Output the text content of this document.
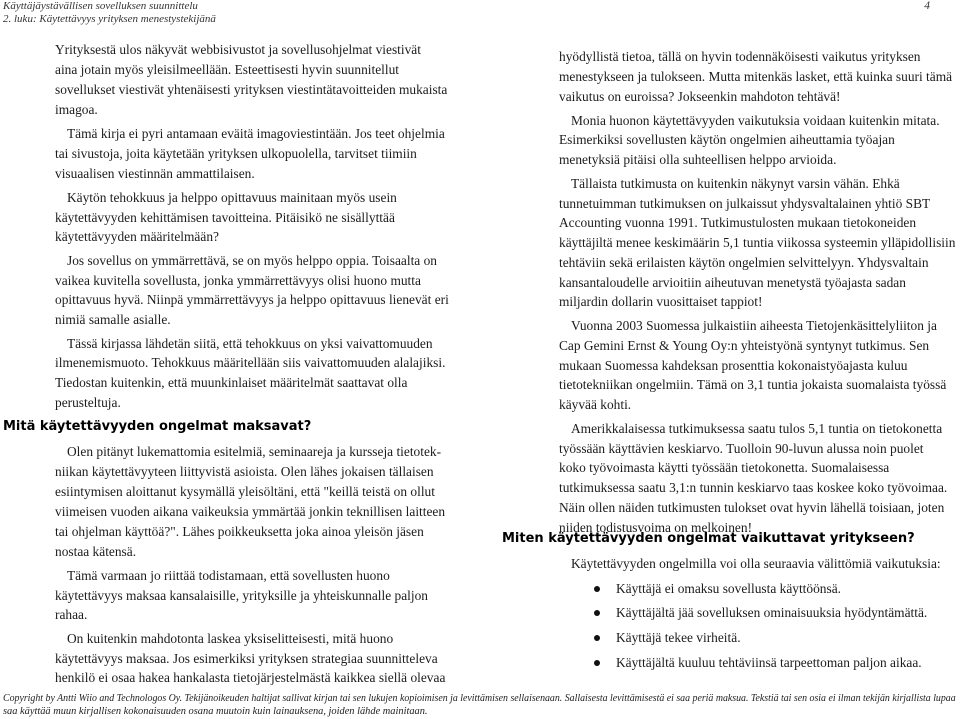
Käyttäjäystävällisen sovelluksen suunnittelu
2. luku: Käytettävyys yrityksen menestystekijänä
4
Yrityksestä ulos näkyvät webbisivustot ja sovellusohjelmat viestivät
aina jotain myös yleisilmeellään. Esteettisesti hyvin suunnitellut
sovellukset viestivät yhtenäisesti yrityksen viestintätavoitteiden mukaista
imagoa.
Tämä kirja ei pyri antamaan eväitä imagoviestintään. Jos teet ohjelmia
tai sivustoja, joita käytetään yrityksen ulkopuolella, tarvitset tiimiin
visuaalisen viestinnän ammattilaisen.
Käytön tehokkuus ja helppo opittavuus mainitaan myös usein
käytettävyyden kehittämisen tavoitteina. Pitäisikö ne sisällyttää
käytettävyyden määritelmään?
Jos sovellus on ymmärrettävä, se on myös helppo oppia. Toisaalta on
vaikea kuvitella sovellusta, jonka ymmärrettävyys olisi huono mutta
opittavuus hyvä. Niinpä ymmärrettävyys ja helppo opittavuus lienevät eri
nimiä samalle asialle.
Tässä kirjassa lähdetän siitä, että tehokkuus on yksi vaivattomuuden
ilmenemismuoto. Tehokkuus määritellään siis vaivattomuuden alalajiksi.
Tiedostan kuitenkin, että muunkinlaiset määritelmät saattavat olla
perusteltuja.
Mitä käytettävyyden ongelmat maksavat?
Olen pitänyt lukemattomia esitelmiä, seminaareja ja kursseja tietotek-
niikan käytettävyyteen liittyvistä asioista. Olen lähes jokaisen tällaisen
esiintymisen aloittanut kysymällä yleisöltäni, että "keillä teistä on ollut
viimeisen vuoden aikana vaikeuksia ymmärtää jonkin teknillisen laitteen
tai ohjelman käyttöä?". Lähes poikkeuksetta joka ainoa yleisön jäsen
nostaa kätensä.
Tämä varmaan jo riittää todistamaan, että sovellusten huono
käytettävyys maksaa kansalaisille, yrityksille ja yhteiskunnalle paljon
rahaa.
On kuitenkin mahdotonta laskea yksiselitteisesti, mitä huono
käytettävyys maksaa. Jos esimerkiksi yrityksen strategiaa suunnitteleva
henkilö ei osaa hakea hankalasta tietojärjestelmästä kaikkea siellä olevaa
hyödyllistä tietoa, tällä on hyvin todennäköisesti vaikutus yrityksen
menestykseen ja tulokseen. Mutta mitenkäs lasket, että kuinka suuri tämä
vaikutus on euroissa? Jokseenkin mahdoton tehtävä!
Monia huonon käytettävyyden vaikutuksia voidaan kuitenkin mitata.
Esimerkiksi sovellusten käytön ongelmien aiheuttamia työajan
menetyksiä pitäisi olla suhteellisen helppo arvioida.
Tällaista tutkimusta on kuitenkin näkynyt varsin vähän. Ehkä
tunnetuimman tutkimuksen on julkaissut yhdysvaltalainen yhtiö SBT
Accounting vuonna 1991. Tutkimustulosten mukaan tietokoneiden
käyttäjiltä menee keskimäärin 5,1 tuntia viikossa systeemin ylläpidollisiin
tehtäviin sekä erilaisten käytön ongelmien selvittelyyn. Yhdysvaltain
kansantaloudelle arvioitiin aiheutuvan menetystä työajasta sadan
miljardin dollarin vuosittaiset tappiot!
Vuonna 2003 Suomessa julkaistiin aiheesta Tietojenkäsittelyliiton ja
Cap Gemini Ernst & Young Oy:n yhteistyönä syntynyt tutkimus. Sen
mukaan Suomessa kahdeksan prosenttia kokonaistyöajasta kuluu
tietotekniikan ongelmiin. Tämä on 3,1 tuntia jokaista suomalaista työssä
käyvää kohti.
Amerikkalaisessa tutkimuksessa saatu tulos 5,1 tuntia on tietokonetta
työssään käyttävien keskiarvo. Tuolloin 90-luvun alussa noin puolet
koko työvoimasta käytti työssään tietokonetta. Suomalaisessa
tutkimuksessa saatu 3,1:n tunnin keskiarvo taas koskee koko työvoimaa.
Näin ollen näiden tutkimusten tulokset ovat hyvin lähellä toisiaan, joten
niiden todistusvoima on melkoinen!
Miten käytettävyyden ongelmat vaikuttavat yritykseen?
Käytettävyyden ongelmilla voi olla seuraavia välittömiä vaikutuksia:
Käyttäjä ei omaksu sovellusta käyttöönsä.
Käyttäjältä jää sovelluksen ominaisuuksia hyödyntämättä.
Käyttäjä tekee virheitä.
Käyttäjältä kuuluu tehtäviinsä tarpeettoman paljon aikaa.
Copyright by Antti Wiio and Technologos Oy. Tekijänoikeuden haltijat sallivat kirjan tai sen lukujen kopioimisen ja levittämisen sellaisenaan. Sallaisesta levittämisestä ei saa periä maksua. Tekstiä tai sen osia ei ilman tekijän kirjallista lupaa
saa käyttää muun kirjallisen kokonaisuuden osana muutoin kuin lainauksena, joiden lähde mainitaan.
